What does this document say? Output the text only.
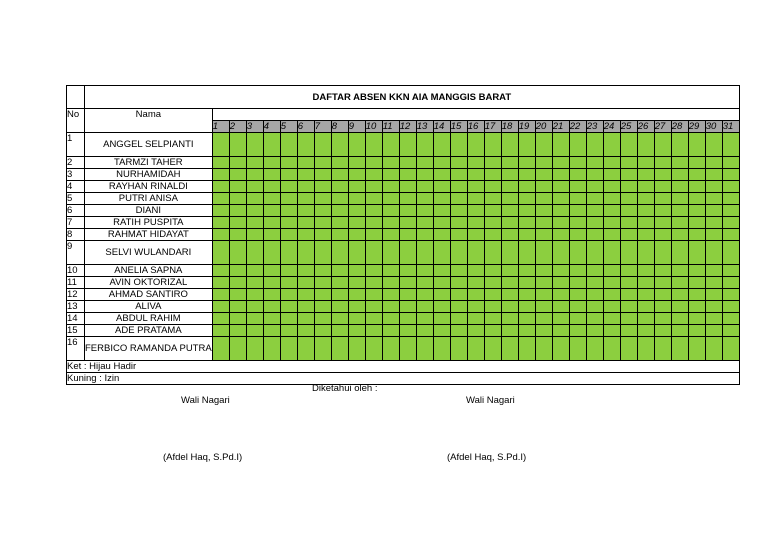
	DAFTAR ABSEN KKN AIA MANGGIS BARAT																															
No	Nama																															
		1	2	3	4	5	6	7	8	9	10	11	12	13	14	15	16	17	18	19	20	21	22	23	24	25	26	27	28	29	30	31
1	ANGGEL SELPIANTI																															
2	TARMZI TAHER																															
3	NURHAMIDAH																															
4	RAYHAN RINALDI																															
5	PUTRI ANISA																															
6	DIANI																															
7	RATIH PUSPITA																															
8	RAHMAT HIDAYAT																															
9	SELVI WULANDARI																															
10	ANELIA SAPNA																															
11	AVIN OKTORIZAL																															
12	AHMAD SANTIRO																															
13	ALIVA																															
14	ABDUL RAHIM																															
15	ADE PRATAMA																															
16	FERBICO RAMANDA PUTRA																															
Ket : Hijau Hadir																																
Kuning : Izin																																
Diketahui oleh :
Wali Nagari	Wali Nagari
(Afdel Haq, S.Pd.I)	(Afdel Haq, S.Pd.I)
